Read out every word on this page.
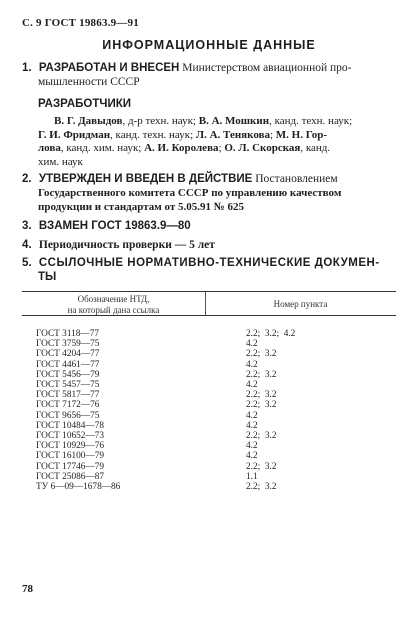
С. 9 ГОСТ 19863.9—91
ИНФОРМАЦИОННЫЕ ДАННЫЕ
1. РАЗРАБОТАН И ВНЕСЕН Министерством авиационной про-
мышленности СССР
РАЗРАБОТЧИКИ
В. Г. Давыдов, д-р техн. наук; В. А. Мошкин, канд. техн. наук;
Г. И. Фридман, канд. техн. наук; Л. А. Тенякова; М. Н. Гор-
лова, канд. хим. наук; А. И. Королева; О. Л. Скорская, канд.
хим. наук
2. УТВЕРЖДЕН И ВВЕДЕН В ДЕЙСТВИЕ Постановлением
Государственного комитета СССР по управлению качеством
продукции и стандартам от 5.05.91 № 625
3. ВЗАМЕН ГОСТ 19863.9—80
4. Периодичность проверки — 5 лет
5. ССЫЛОЧНЫЕ НОРМАТИВНО-ТЕХНИЧЕСКИЕ ДОКУМЕН-
ТЫ
Обозначение НТД,
на который дана ссылка
Номер пункта
ГОСТ 3118—77	2.2;  3.2;  4.2
ГОСТ 3759—75	4.2
ГОСТ 4204—77	2.2;  3.2
ГОСТ 4461—77	4.2
ГОСТ 5456—79	2.2;  3.2
ГОСТ 5457—75	4.2
ГОСТ 5817—77	2.2;  3.2
ГОСТ 7172—76	2.2;  3.2
ГОСТ 9656—75	4.2
ГОСТ 10484—78	4.2
ГОСТ 10652—73	2.2;  3.2
ГОСТ 10929—76	4.2
ГОСТ 16100—79	4.2
ГОСТ 17746—79	2.2;  3.2
ГОСТ 25086—87	1.1
ТУ 6—09—1678—86	2.2;  3.2
78
